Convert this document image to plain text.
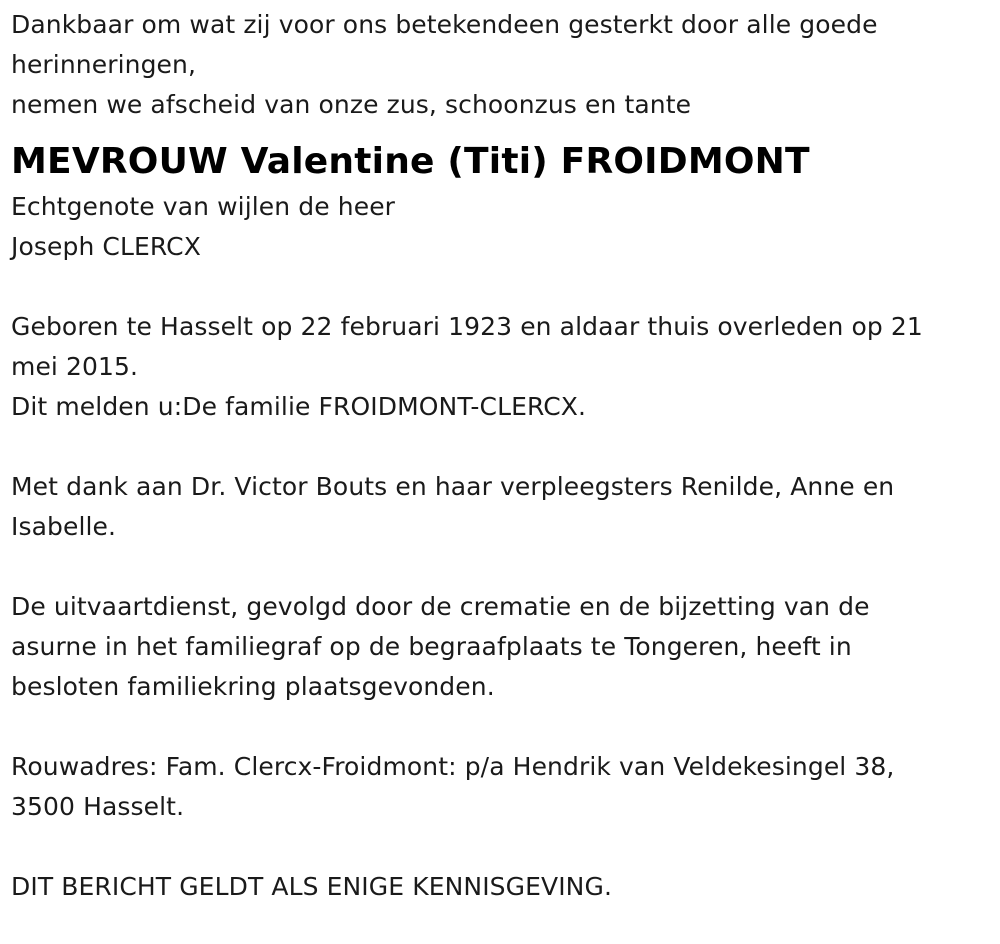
Dankbaar om wat zij voor ons betekendeen gesterkt door alle goede
herinneringen,
nemen we afscheid van onze zus, schoonzus en tante
MEVROUW Valentine (Titi) FROIDMONT
Echtgenote van wijlen de heer
Joseph CLERCX
Geboren te Hasselt op 22 februari 1923 en aldaar thuis overleden op 21
mei 2015.
Dit melden u:De familie FROIDMONT-CLERCX.
Met dank aan Dr. Victor Bouts en haar verpleegsters Renilde, Anne en
Isabelle.
De uitvaartdienst, gevolgd door de crematie en de bijzetting van de
asurne in het familiegraf op de begraafplaats te Tongeren, heeft in
besloten familiekring plaatsgevonden.
Rouwadres: Fam. Clercx-Froidmont: p/a Hendrik van Veldekesingel 38,
3500 Hasselt.
DIT BERICHT GELDT ALS ENIGE KENNISGEVING.
